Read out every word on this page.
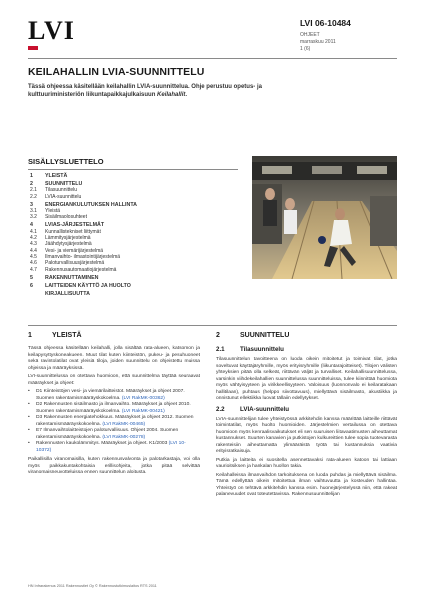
LVI	LVI 06-10484
OHJEET
marraskuu 2011
1 (6)
KEILAHALLIN LVIA-SUUNNITTELU
Tässä ohjeessa käsitellään keilahallin LVIA-suunnittelua. Ohje perustuu opetus- ja kulttuuriministeriön liikuntapaikkajulkaisuun Keilahallit.
SISÄLLYSLUETTELO
1	YLEISTÄ
2	SUUNNITTELU
2.1	Tilasuunnittelu
2.2	LVIA-suunnittelu
3	ENERGIANKULUTUKSEN HALLINTA
3.1	Yleistä
3.2	Sisäilmaolosuhteet
4	LVIAS-JÄRJESTELMÄT
4.1	Kunnallistekniset liittymät
4.2	Lämmitysjärjestelmä
4.3	Jäähdytysjärjestelmä
4.4	Vesi- ja viemärijärjestelmä
4.5	Ilmanvaihto- ilmastointijärjestelmä
4.6	Paloturvallisuusjärjestelmä
4.7	Rakennusautomaatiojärjestelmä
5	RAKENNUTTAMINEN
6	LAITTEIDEN KÄYTTÖ JA HUOLTO
KIRJALLISUUTTA
1	YLEISTÄ
Tässä ohjeessa käsitellään keilahalli, jolla sisältää rata-alueen, katsomon ja keilapysyttyskoneakueen. Muut tilat kuten kiinteistön, pukeu- ja pesuhuoneet sekä ravintolatilat ovat yleisiä tiloja, joiden suunnittelu on ohjeistettu muissa ohjeissa ja määräyksissä.
LVI-suunnittelussa on otettava huomioon, että suunnittelma täyttää seuraavat määräykset ja ohjeet:
•	D1 Kiinteistöjen vesi- ja viemärilaitteistot. Määräykset ja ohjeet 2007. Suomen rakentamismääräyskokoelma. (LVI RakMK-00362)
•	D2 Rakennusten sisäilmasto ja ilmanvaihto. Määräykset ja ohjeet 2010. Suomen rakentamismääräyskokoelma. (LVI RakMK-00421)
•	D3 Rakennusten energiatehokkuus. Määräykset ja ohjeet 2012. Suomen rakentamismääräyskokoelma. (LVI RakMK-00465)
•	E7 Ilmanvaihtolaitteistojen paloturvallisuus. Ohjeet 2004. Suomen rakentamismääräyskokoelma. (LVI RakMK-00278)
•	Rakennusten kaukolämmitys. Määräykset ja ohjeet. K1/2003 (LVI 10-10372)
Paikallisilla viranomaisilla, kuten rakennusvalvonta ja palotarkastaja, voi olla myös paikkakuntakohtaisia erillisohjeita, jotka pitää selvittää viranomaisneuvotteluissa ennen suunnittelun aloitusta.
2	SUUNNITTELU
2.1	Tilasuunnittelu
Tilasuunnittelun tavoitteena on luoda oikein mitoitetut ja toimivat tilat, jotka soveltuvat käyttäjäryhmille, myös erityisryhmille (liikuntarajoitteiset). Tilojen välisten yhteyksien pitää olla selkeät, riittävän väljät ja turvalliset. Keilahallisuunnittelussa, varsinkin viihdekeilahallien suunnittelussa suunnitteluissa, tulee kiinnittää huomiota myös vähtyisyyteen ja virikkeellisyyteen. Valoisuus (luonnonvalo ei keilaratakaan hallitilaan), puhtaus (helppo siivottavuus), miellyttävä sisäilmasto, akustiikka ja onnistunut ellektiikka luovat tällaiin edellytykset.
2.2	LVIA-suunnittelu
LVIA-suunnittelijan tulee yhteistyössä arkkitehdin kanssa määrittää laitteille riittävät toimintatilat, myös huolto huomioiden. Järjestelmien vertailussa on otettava huomioon myös kenraalisvaikutukset eli sen suuruisen liitavaatimusten aiheuttamat kustannukset. Suurten kanavien ja putkistojen kulkureittien tulee sopia tuotevarasta rakenteisiin aiheuttamatta ylimääräistä työtä tai kustannuksia vaativia erityisratkaisuja.
Putkia ja laitteita ei suositella asennettavaksi rata-alueen katoon tai lattiaan vaurioitsiksen ja hankalan huollon takia.
Keilahalleissa ilmanvaihdon tarkoituksena on luoda puhdas ja miellyttävä sisäilma. Tämä edellyttää oikein mitoitettua ilman vaihtuvuutta ja kosteuden hallintaa. Yhteistyö on tehtävä arkkitehdin kanssa esim. huonejärjestelyssä niin, että rakeat palanevuudet ovat toteutettavissa. Rakennusuunnittelijan
HN Infrarakenus 2011 Rakennustiet Oy © Rakennustutkimuslaitos RTS 2011
